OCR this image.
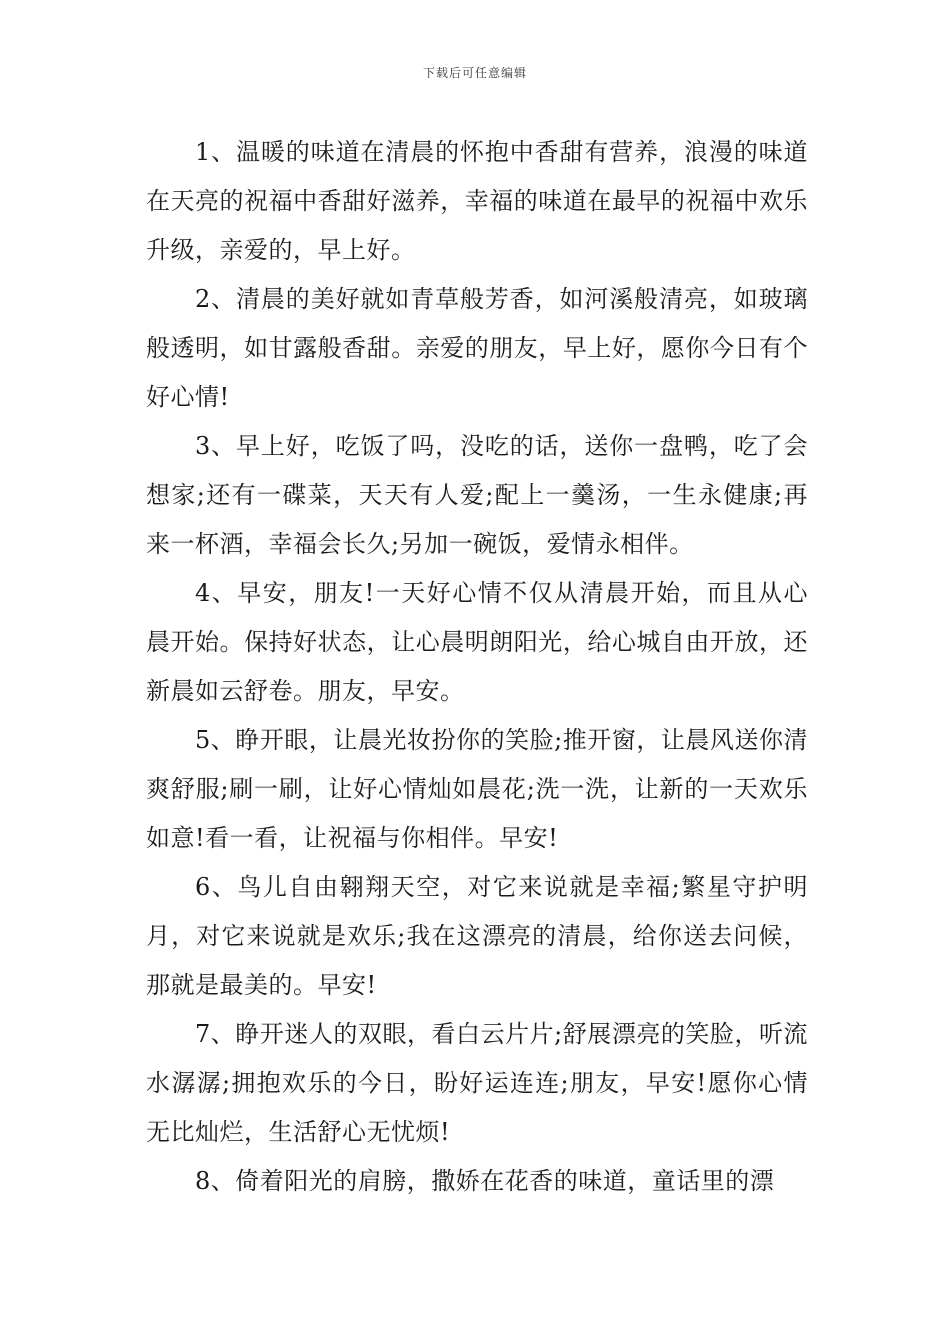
下载后可任意编辑

1、温暖的味道在清晨的怀抱中香甜有营养，浪漫的味道在天亮的祝福中香甜好滋养，幸福的味道在最早的祝福中欢乐升级，亲爱的，早上好。

2、清晨的美好就如青草般芳香，如河溪般清亮，如玻璃般透明，如甘露般香甜。亲爱的朋友，早上好，愿你今日有个好心情!

3、早上好，吃饭了吗，没吃的话，送你一盘鸭，吃了会想家;还有一碟菜，天天有人爱;配上一羹汤，一生永健康;再来一杯酒，幸福会长久;另加一碗饭，爱情永相伴。

4、早安，朋友!一天好心情不仅从清晨开始，而且从心晨开始。保持好状态，让心晨明朗阳光，给心城自由开放，还新晨如云舒卷。朋友，早安。

5、睁开眼，让晨光妆扮你的笑脸;推开窗，让晨风送你清爽舒服;刷一刷，让好心情灿如晨花;洗一洗，让新的一天欢乐如意!看一看，让祝福与你相伴。早安!

6、鸟儿自由翱翔天空，对它来说就是幸福;繁星守护明月，对它来说就是欢乐;我在这漂亮的清晨，给你送去问候，那就是最美的。早安!

7、睁开迷人的双眼，看白云片片;舒展漂亮的笑脸，听流水潺潺;拥抱欢乐的今日，盼好运连连;朋友，早安!愿你心情无比灿烂，生活舒心无忧烦!

8、倚着阳光的肩膀，撒娇在花香的味道，童话里的漂
